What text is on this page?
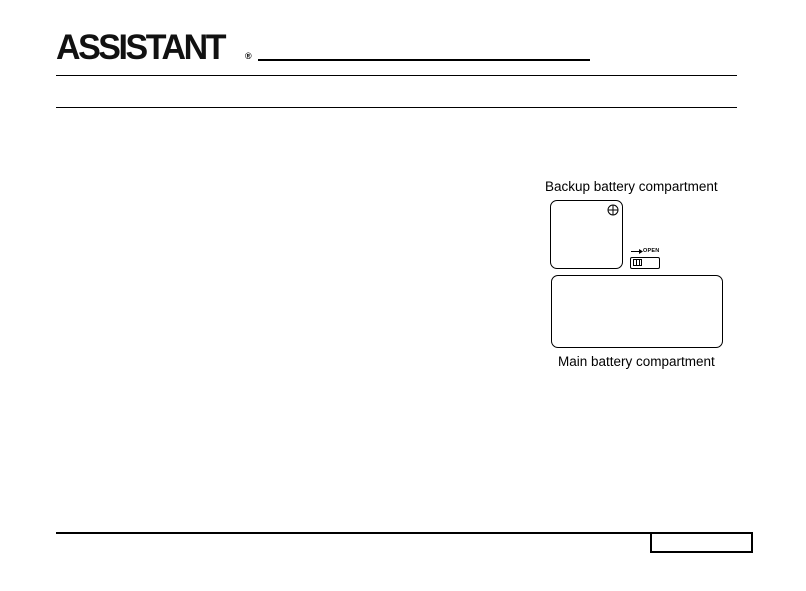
ASSISTANT ®
Backup battery compartment
OPEN
Main battery compartment
